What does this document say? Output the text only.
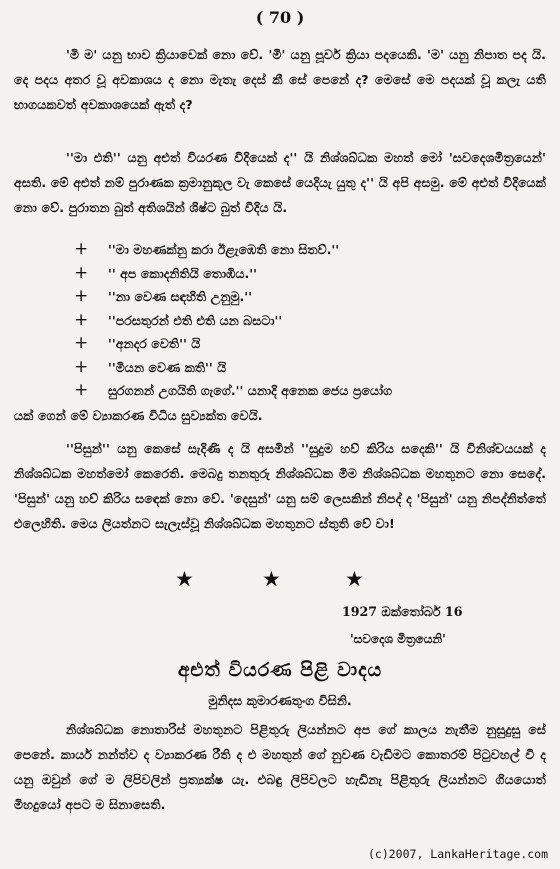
( 70 )

'මි ම' යනු භාව ක්‍රියාවෙක් නො වේ. 'මී' යනු පූර්ව ක්‍රියා පදයෙකි. 'ම' යනු නිපාත පද යි. දෙ පදය අතර වූ අවකාශය ද නො මැතැ දෙස් කී සේ පෙනේ ද? මෙසේ මෙ පදයක් වූ කලැ යති භාගයකවත් අවකාශයෙක් ඇත් ද?

''මා එති'' යනු අළුත් වියරණ විදියෙක් ද'' යි නිශ්ශබ්ධක මහත් මෝ 'සවදෙශමිත්‍රයෙන්' අසති. මේ අළුත් නම් පුරාණක ක්‍රමානුකූල වැ කෙසේ යෙදියැ යුතු ද'' යි අපි අසමු. මේ අළුත් විදියෙක් නො වේ. පුරාතන බුත් අතිශයින් ශිෂ්ට බුත් විදිය යි.

+ ''මා මහණක්නු කරා ඊළැඹෙති නො සිතව්.''
+ '' අප කොදනිතියි තොඹිය.''
+ ''නා වෙණ සඳහිති උනුමු.''
+ ''පරසතුරන් එති එති යන බසටා''
+ ''අනදර වෙති'' යි
+ ''මියන වෙණ කති'' යි
+ සුරගනන් උගයිති ගැගේ.'' යනාදි අනෙක ජෙය ප්‍රයෝග

යක් ගෙන් මේ ව්‍යාකරණ විධිය සුව්‍යක්ත වෙයි.

''පිසුන්'' යනු කෙසේ සැදිණි ද යි අසමින් ''සුදුම හව් කිරිය සදෙකි'' යි විනිශ්චයයක් ද නිශ්ශබ්ධක මහත්මෝ කෙරෙති. මෙබදු තනතුරු නිශ්ශබ්ධක මිම නිශ්ශබ්ධක මහතුනට නො සෙදේ. 'පිසුන්' යනු හව් කිරිය සඳෙක් නො වේ. 'දෙසුන්' යනු සම් ලෙසකින් නිපද් ද 'පිසුන්' යනු නිපද්නිත්තේ එලෙහිති. මෙය ලියත්නට සැලැස්වූ නිශ්ශබ්ධක මහතුනට ස්තුති වේ වා!

★	★	★
1927 ඔක්තෝබර් 16
'සවදෙශ මිත්‍රයෙනි'
අළුත් වියරණ පිළි වාදය
මුනිදස කුමාරණතුංග විසිනි.

නිශ්ශබ්ධක නොතාරිස් මහතුනට පිළිතුරු ලියන්නට අප ගේ කාලය නැතීම නුසුදුසු සේ පෙනේ. කාර්ය නන්ත්ව ද ව්‍යාකරණ රීති ද එ මහතුන් ගේ නුවණ වැඩිමට කොතරම් පිටුවහල් වී ද යනු ඔවුන් ගේ ම ලිපිවලින් ප්‍රත්‍යක්ෂ යැ. එබඳු ලිපිවලට හැඩිනැ පිළිතුරු ලියන්නට ගියයොත් මිහදුයෝ අපට ම සිනාසෙති.

(c)2007, LankaHeritage.com
